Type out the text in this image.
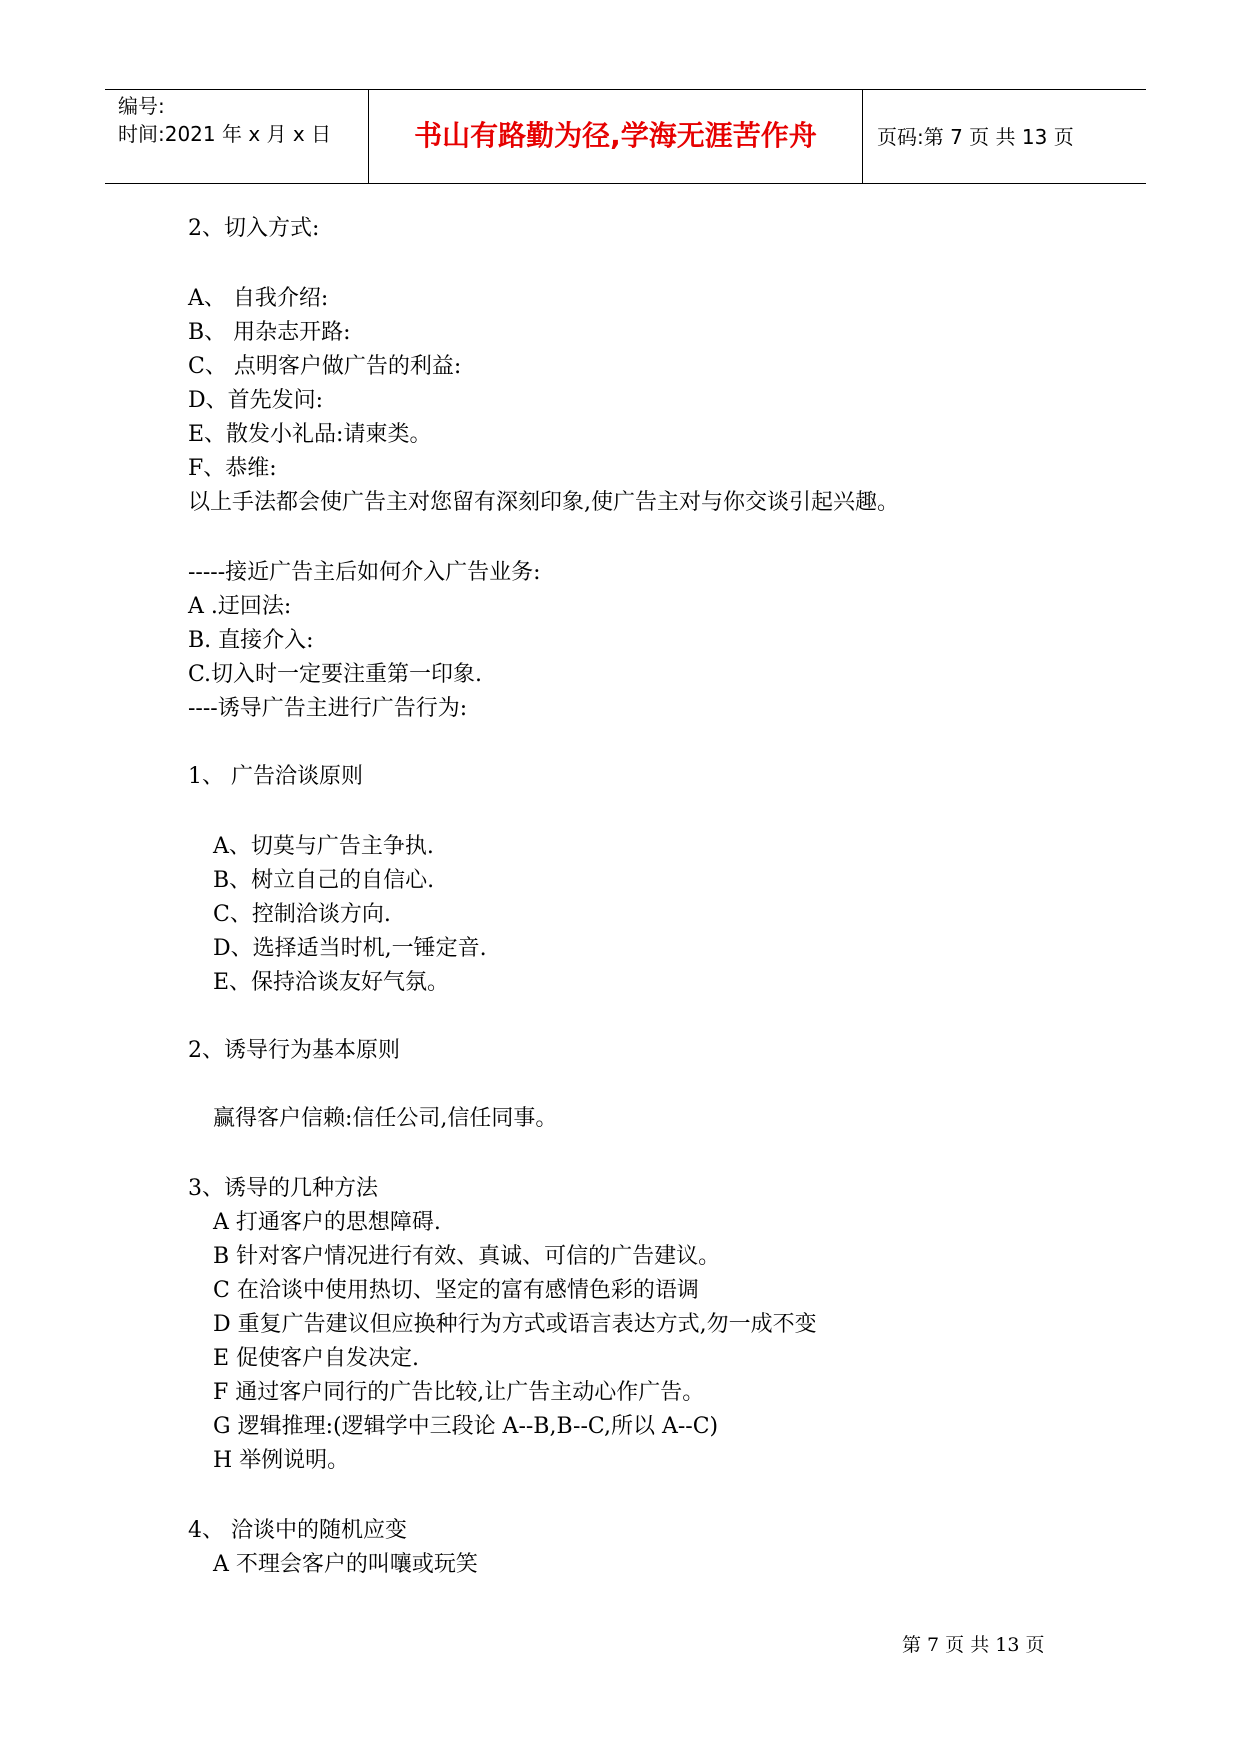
编号:
时间:2021 年 x 月 x 日	书山有路勤为径,学海无涯苦作舟	页码:第 7 页 共 13 页
2、切入方式:
A、 自我介绍:
B、 用杂志开路:
C、 点明客户做广告的利益:
D、首先发问:
E、散发小礼品:请柬类。
F、恭维:
以上手法都会使广告主对您留有深刻印象,使广告主对与你交谈引起兴趣。
-----接近广告主后如何介入广告业务:
A .迂回法:
B. 直接介入:
C.切入时一定要注重第一印象.
----诱导广告主进行广告行为:
1、 广告洽谈原则
A、切莫与广告主争执.
B、树立自己的自信心.
C、控制洽谈方向.
D、选择适当时机,一锤定音.
E、保持洽谈友好气氛。
2、诱导行为基本原则
赢得客户信赖:信任公司,信任同事。
3、诱导的几种方法
A 打通客户的思想障碍.
B 针对客户情况进行有效、真诚、可信的广告建议。
C 在洽谈中使用热切、坚定的富有感情色彩的语调
D 重复广告建议但应换种行为方式或语言表达方式,勿一成不变
E 促使客户自发决定.
F 通过客户同行的广告比较,让广告主动心作广告。
G 逻辑推理:(逻辑学中三段论 A--B,B--C,所以 A--C)
H 举例说明。
4、 洽谈中的随机应变
A 不理会客户的叫嚷或玩笑
第 7 页 共 13 页
